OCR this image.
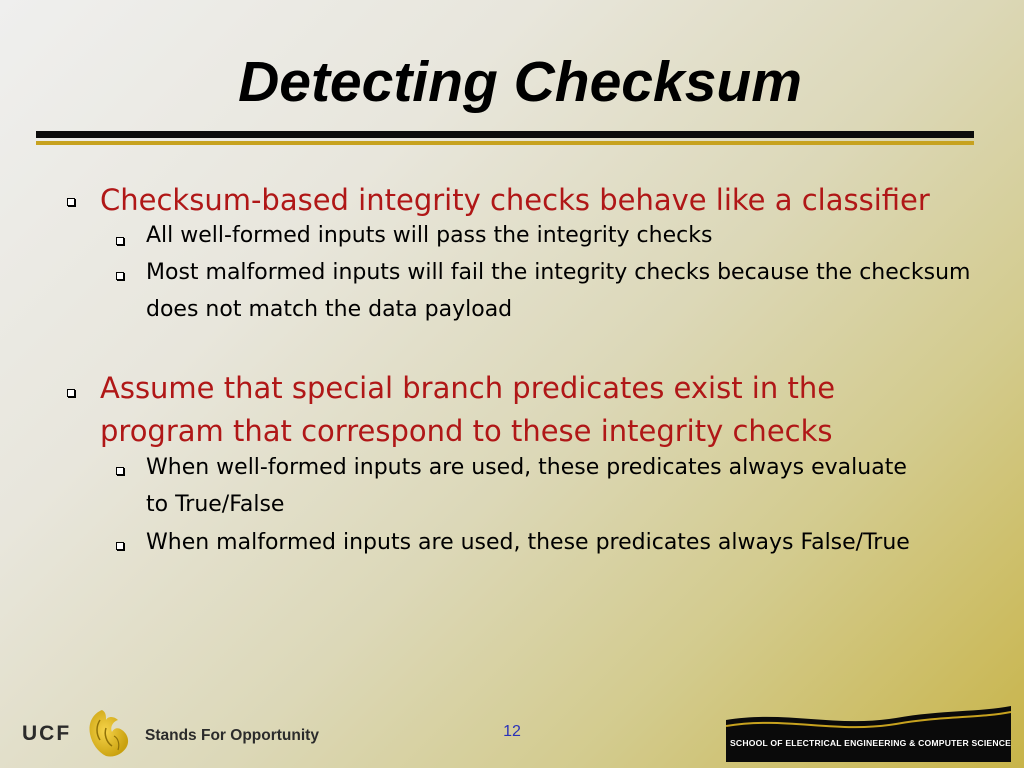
Detecting Checksum
Checksum-based integrity checks behave like a classifier
All well-formed inputs will pass the integrity checks
Most malformed inputs will fail the integrity checks because the checksum does not match the data payload
Assume that special branch predicates exist in the program that correspond to these integrity checks
When well-formed inputs are used, these predicates always evaluate to True/False
When malformed inputs are used, these predicates always False/True
UCF	Stands For Opportunity	12
SCHOOL OF ELECTRICAL ENGINEERING & COMPUTER SCIENCE
